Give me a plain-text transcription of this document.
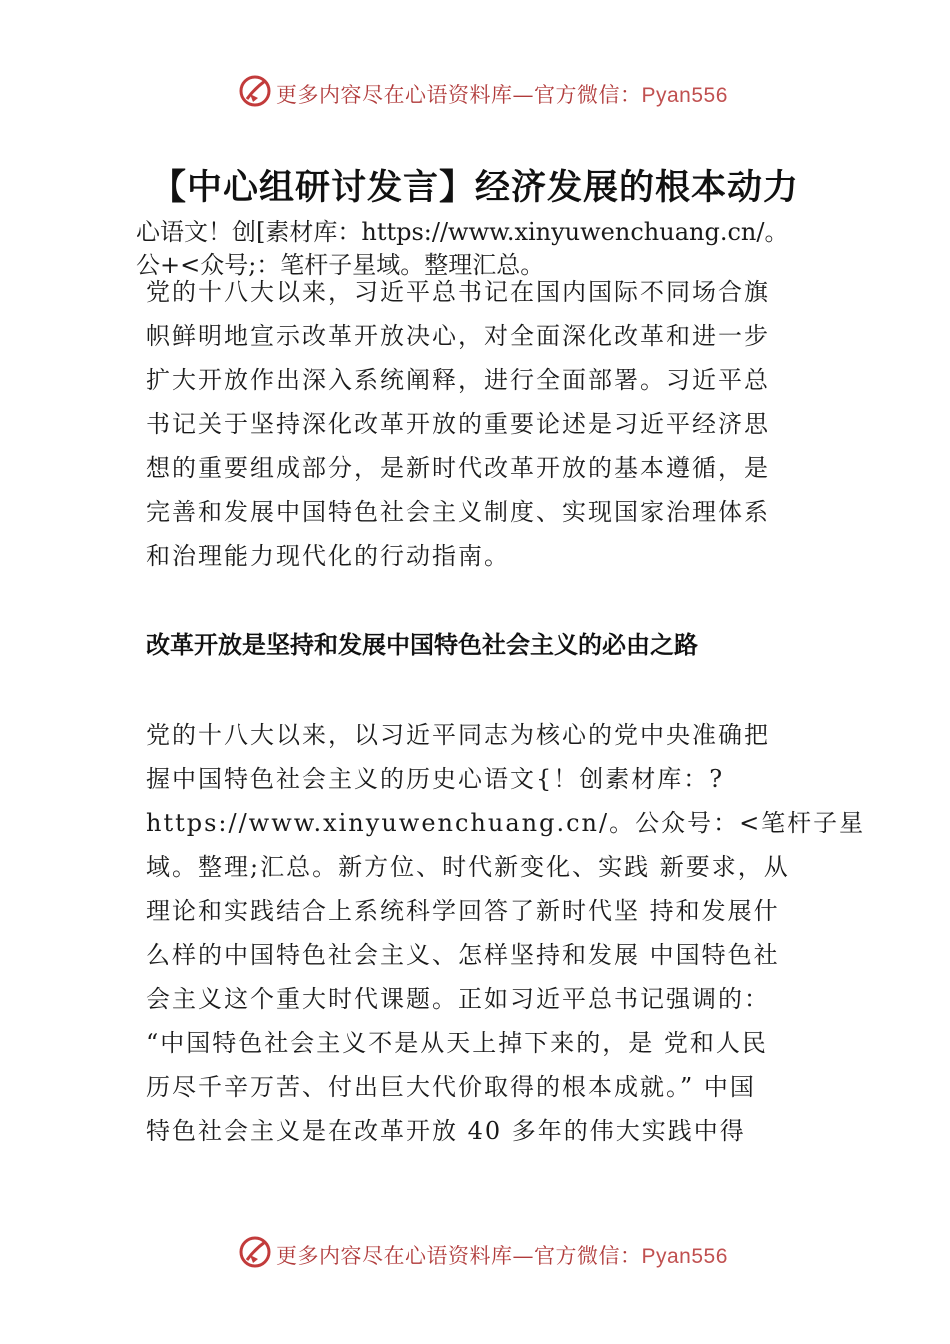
更多内容尽在心语资料库—官方微信：Pyan556
【中心组研讨发言】经济发展的根本动力
心语文！创[素材库：https://www.xinyuwenchuang.cn/。
公+<众号;：笔杆子星域。整理汇总。
党的十八大以来，习近平总书记在国内国际不同场合旗
帜鲜明地宣示改革开放决心，对全面深化改革和进一步
扩大开放作出深入系统阐释，进行全面部署。习近平总
书记关于坚持深化改革开放的重要论述是习近平经济思
想的重要组成部分，是新时代改革开放的基本遵循，是
完善和发展中国特色社会主义制度、实现国家治理体系
和治理能力现代化的行动指南。
改革开放是坚持和发展中国特色社会主义的必由之路
党的十八大以来，以习近平同志为核心的党中央准确把
握中国特色社会主义的历史心语文{！创素材库：?
https://www.xinyuwenchuang.cn/。公众号：<笔杆子星
域。整理;汇总。新方位、时代新变化、实践 新要求，从
理论和实践结合上系统科学回答了新时代坚 持和发展什
么样的中国特色社会主义、怎样坚持和发展 中国特色社
会主义这个重大时代课题。正如习近平总书记强调的：
“中国特色社会主义不是从天上掉下来的，是 党和人民
历尽千辛万苦、付出巨大代价取得的根本成就。” 中国
特色社会主义是在改革开放 40 多年的伟大实践中得
更多内容尽在心语资料库—官方微信：Pyan556
